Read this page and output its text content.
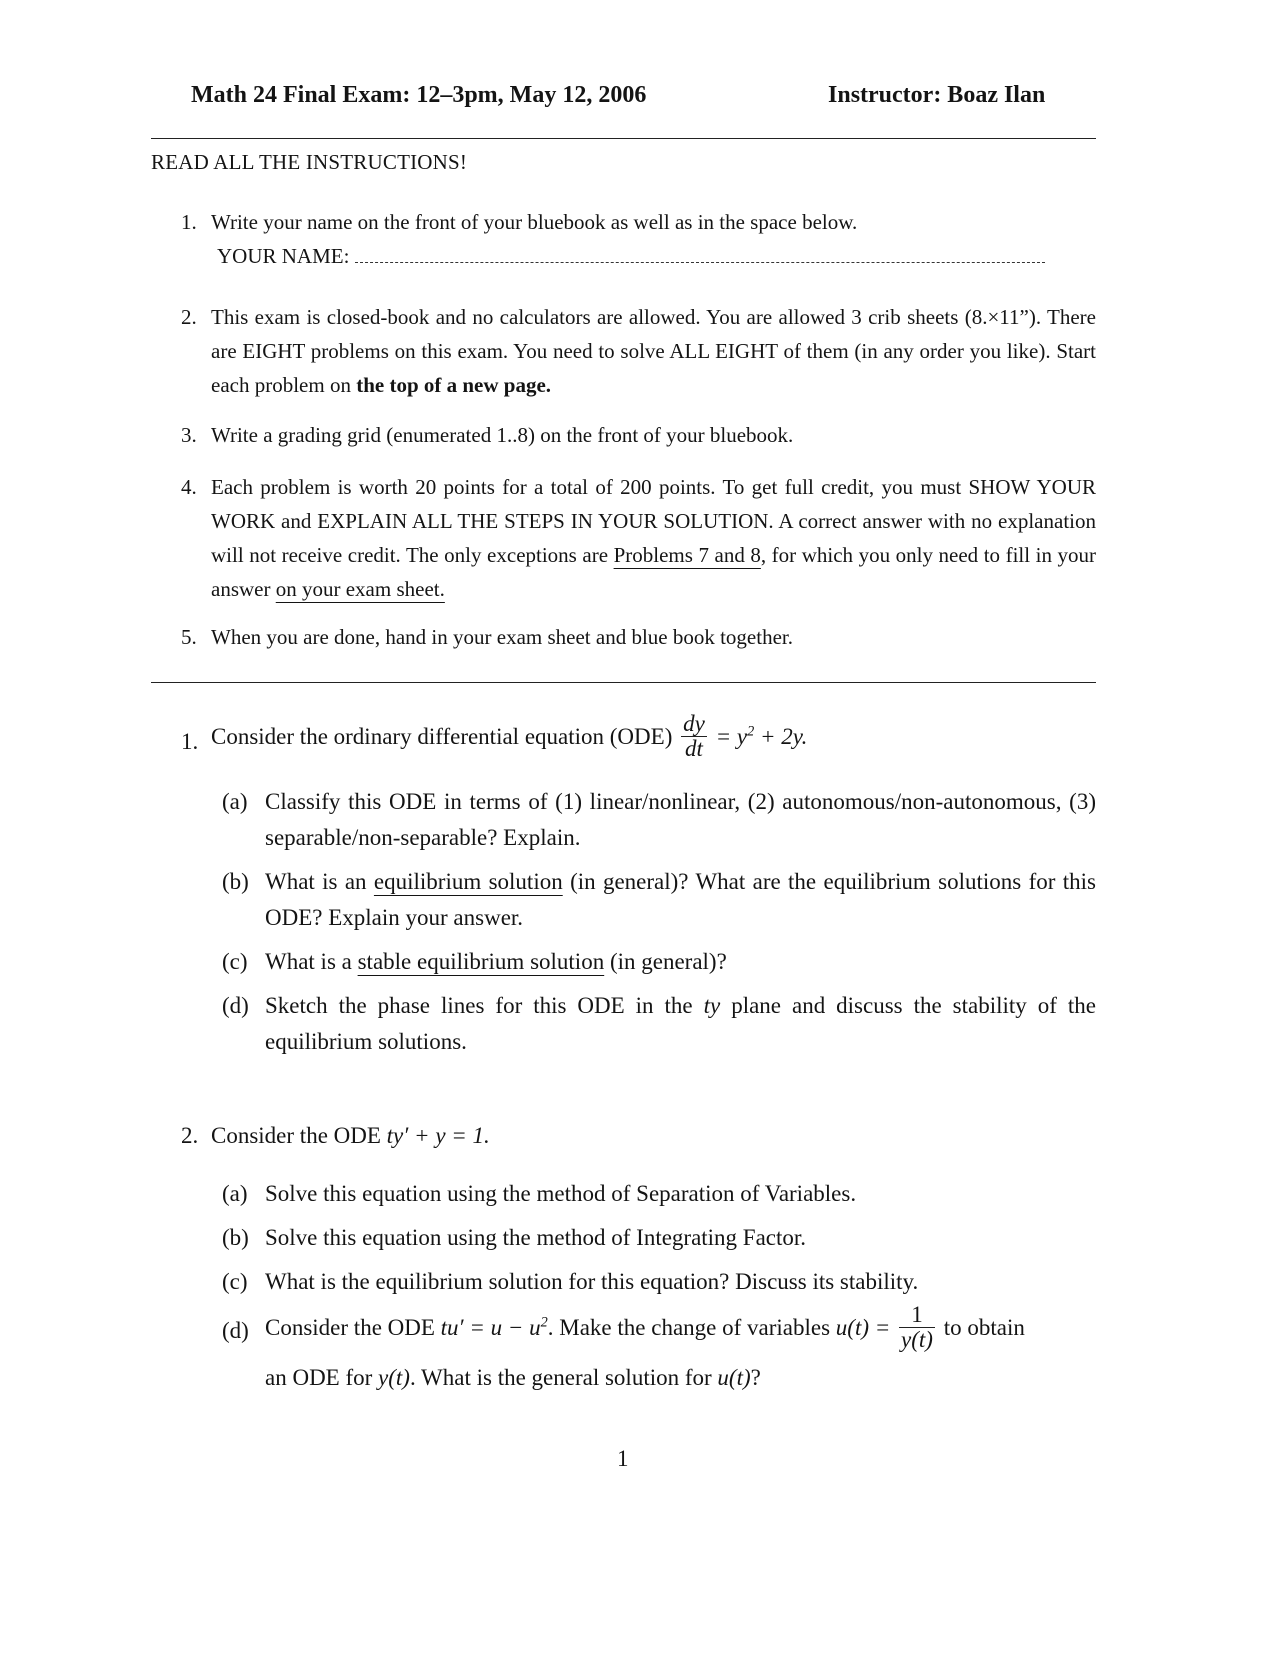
Math 24 Final Exam: 12–3pm, May 12, 2006	Instructor: Boaz Ilan
READ ALL THE INSTRUCTIONS!
1. Write your name on the front of your bluebook as well as in the space below.
YOUR NAME:
2. This exam is closed-book and no calculators are allowed. You are allowed 3 crib sheets (8.×11”). There are EIGHT problems on this exam. You need to solve ALL EIGHT of them (in any order you like). Start each problem on the top of a new page.
3. Write a grading grid (enumerated 1..8) on the front of your bluebook.
4. Each problem is worth 20 points for a total of 200 points. To get full credit, you must SHOW YOUR WORK and EXPLAIN ALL THE STEPS IN YOUR SOLUTION. A correct answer with no explanation will not receive credit. The only exceptions are Problems 7 and 8, for which you only need to fill in your answer on your exam sheet.
5. When you are done, hand in your exam sheet and blue book together.
1. Consider the ordinary differential equation $(ODE) \frac{dy}{dt} = y^2 + 2y$.
(a) Classify this ODE in terms of (1) linear/nonlinear, (2) autonomous/non-autonomous, (3) separable/non-separable? Explain.
(b) What is an equilibrium solution (in general)? What are the equilibrium solutions for this ODE? Explain your answer.
(c) What is a stable equilibrium solution (in general)?
(d) Sketch the phase lines for this ODE in the ty plane and discuss the stability of the equilibrium solutions.
2. Consider the ODE ty′ + y = 1.
(a) Solve this equation using the method of Separation of Variables.
(b) Solve this equation using the method of Integrating Factor.
(c) What is the equilibrium solution for this equation? Discuss its stability.
(d) Consider the ODE $tu' = u - u^2$. Make the change of variables $u(t) = \frac{1}{y(t)}$ to obtain
an ODE for y(t). What is the general solution for u(t)?
1
